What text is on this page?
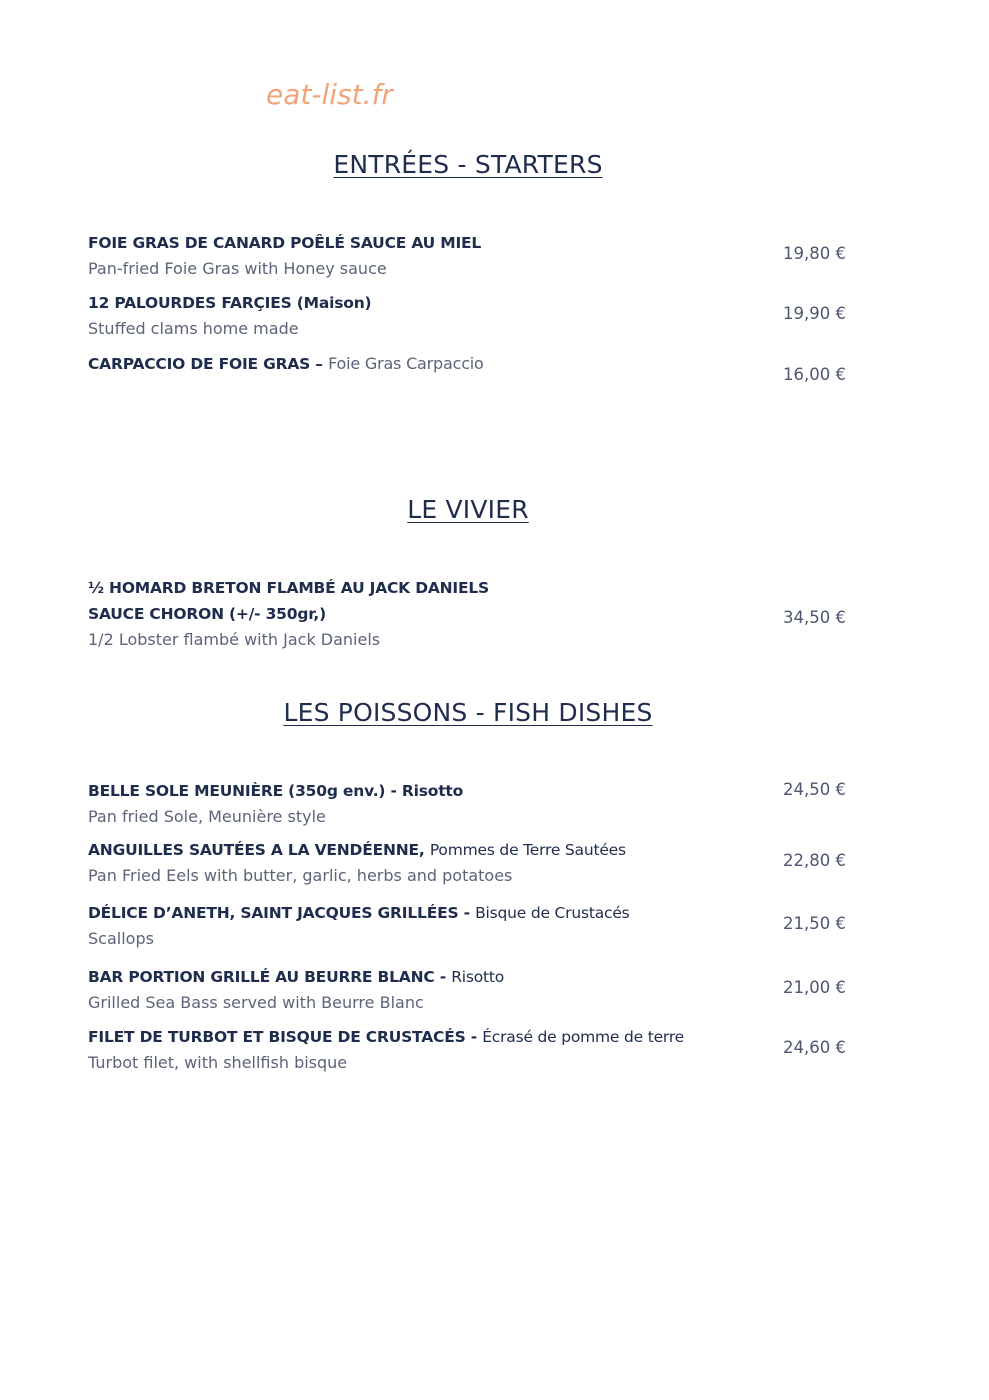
eat-list.fr
ENTRÉES - STARTERS
FOIE GRAS DE CANARD POÊLÉ SAUCE AU MIEL
Pan-fried Foie Gras with Honey sauce
19,80 €
12 PALOURDES FARÇIES (Maison)
Stuffed clams home made
19,90 €
CARPACCIO DE FOIE GRAS – Foie Gras Carpaccio
16,00 €
LE VIVIER
½ HOMARD BRETON FLAMBÉ AU JACK DANIELS
SAUCE CHORON (+/- 350gr,)
1/2 Lobster flambé with Jack Daniels
34,50 €
LES POISSONS - FISH DISHES
BELLE SOLE MEUNIÈRE (350g env.) - Risotto
Pan fried Sole, Meunière style
24,50 €
ANGUILLES SAUTÉES A LA VENDÉENNE, Pommes de Terre Sautées
Pan Fried Eels with butter, garlic, herbs and potatoes
22,80 €
DÉLICE D’ANETH, SAINT JACQUES GRILLÉES - Bisque de Crustacés
Scallops
21,50 €
BAR PORTION GRILLÉ AU BEURRE BLANC - Risotto
Grilled Sea Bass served with Beurre Blanc
21,00 €
FILET DE TURBOT ET BISQUE DE CRUSTACÉS - Écrasé de pomme de terre
Turbot filet, with shellfish bisque
24,60 €
